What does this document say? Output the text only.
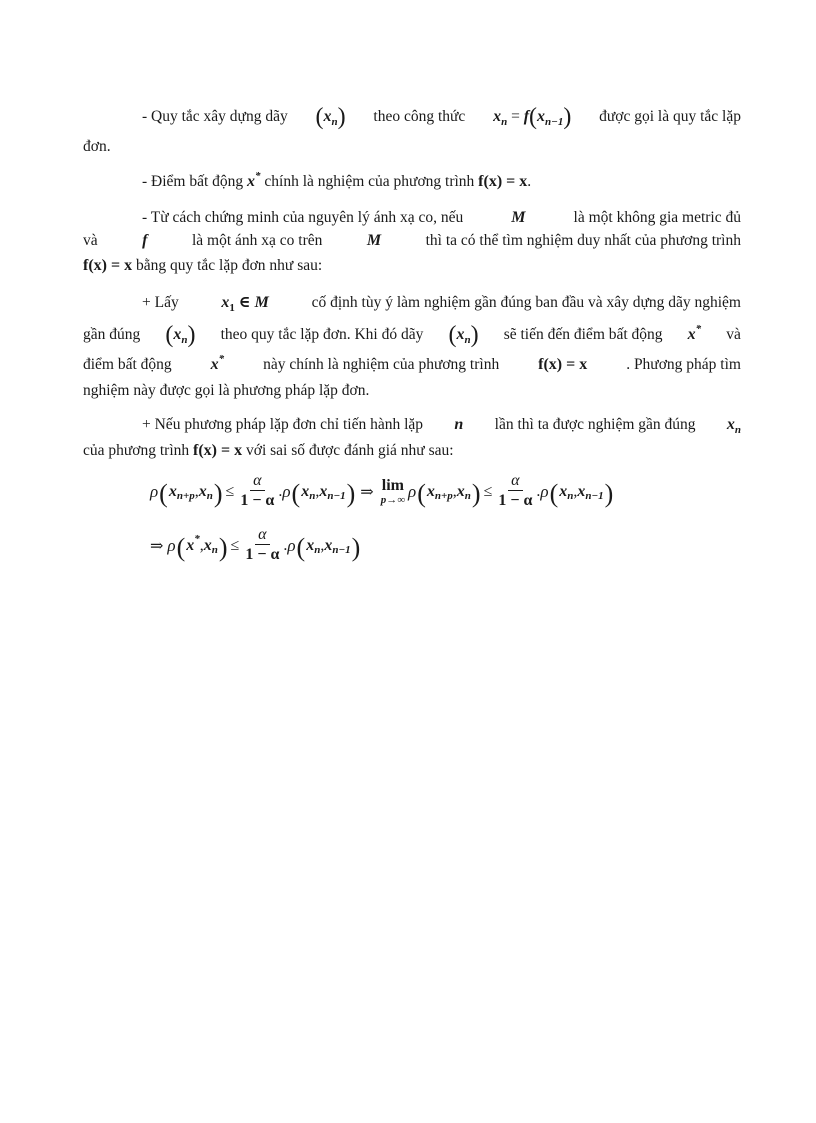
- Quy tắc xây dựng dãy $(x_n)$ theo công thức $x_n = f(x_{n-1})$ được gọi là quy tắc lặp
đơn.
- Điểm bất động x* chính là nghiệm của phương trình f(x) = x.
- Từ cách chứng minh của nguyên lý ánh xạ co, nếu	M	là một không gia metric đủ
và	f	là một ánh xạ co trên	M	thì ta có thể tìm nghiệm duy nhất của phương trình
f(x) = x bằng quy tắc lặp đơn như sau:
+ Lấy	$x_1$ ∈ M	cố định tùy ý làm nghiệm gần đúng ban đầu và xây dựng dãy nghiệm
gần đúng $(x_n)$ theo quy tắc lặp đơn. Khi đó dãy $(x_n)$ sẽ tiến đến điểm bất động x* và
điểm bất động x*	này chính là nghiệm của phương trình f(x) = x	. Phương pháp tìm
nghiệm này được gọi là phương pháp lặp đơn.
+ Nếu phương pháp lặp đơn chỉ tiến hành lặp n lần thì ta được nghiệm gần đúng $x_n$
của phương trình f(x) = x với sai số được đánh giá như sau:
ρ ( x n+p , x n ) ≤ $\frac{\alpha}{1 - \alpha}$ . ρ ( x n , x n−1 ) ⇒ lim
p→∞ ρ ( x n+p , x n ) ≤ $\frac{\alpha}{1 - \alpha}$ . ρ ( x n , x n−1 )
⇒ ρ ( x * , x n ) ≤ $\frac{\alpha}{1 - \alpha}$ . ρ ( x n , x n−1 )
